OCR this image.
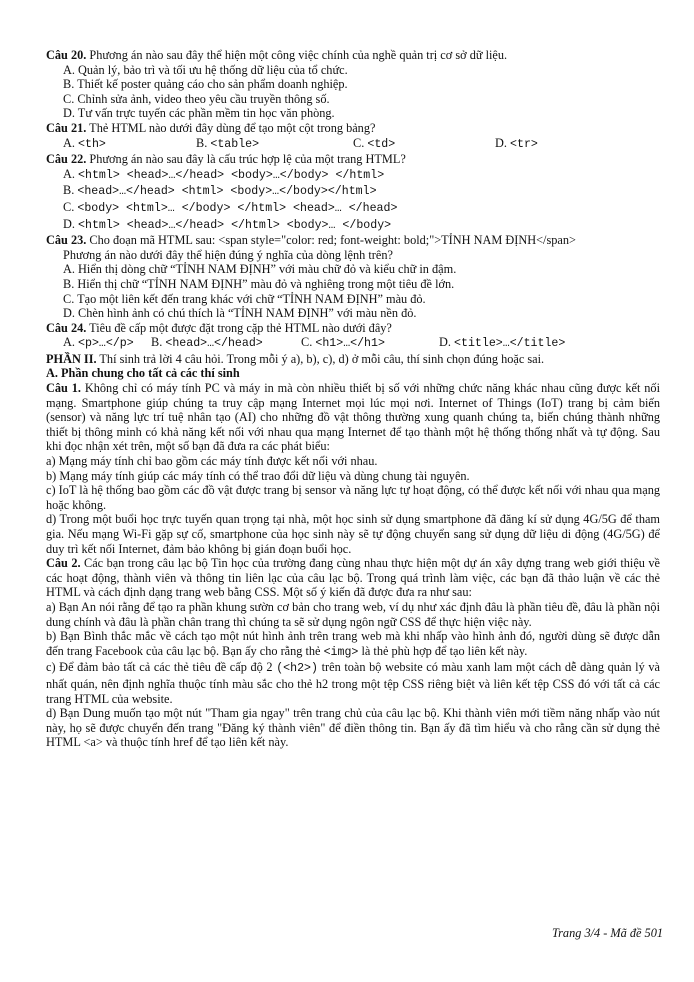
Câu 20. Phương án nào sau đây thể hiện một công việc chính của nghề quản trị cơ sở dữ liệu.
A. Quản lý, bảo trì và tối ưu hệ thống dữ liệu của tổ chức.
B. Thiết kế poster quảng cáo cho sản phẩm doanh nghiệp.
C. Chỉnh sửa ảnh, video theo yêu cầu truyền thông số.
D. Tư vấn trực tuyến các phần mềm tin học văn phòng.
Câu 21. Thẻ HTML nào dưới đây dùng để tạo một cột trong bảng?
A. <th>	B. <table>	C. <td>	D. <tr>
Câu 22. Phương án nào sau đây là cấu trúc hợp lệ của một trang HTML?
A. <html> <head>…</head> <body>…</body> </html>
B. <head>…</head> <html> <body>…</body></html>
C. <body> <html>… </body> </html> <head>… </head>
D. <html> <head>…</head> </html> <body>… </body>
Câu 23. Cho đoạn mã HTML sau: <span style="color: red; font-weight: bold;">TỈNH NAM ĐỊNH</span>
Phương án nào dưới đây thể hiện đúng ý nghĩa của dòng lệnh trên?
A. Hiển thị dòng chữ “TỈNH NAM ĐỊNH” với màu chữ đỏ và kiểu chữ in đậm.
B. Hiển thị chữ “TỈNH NAM ĐỊNH” màu đỏ và nghiêng trong một tiêu đề lớn.
C. Tạo một liên kết đến trang khác với chữ “TỈNH NAM ĐỊNH” màu đỏ.
D. Chèn hình ảnh có chú thích là “TỈNH NAM ĐỊNH” với màu nền đỏ.
Câu 24. Tiêu đề cấp một được đặt trong cặp thẻ HTML nào dưới đây?
A. <p>…</p>	B. <head>…</head>	C. <h1>…</h1>	D. <title>…</title>
PHẦN II. Thí sinh trả lời 4 câu hỏi. Trong mỗi ý a), b), c), d) ở mỗi câu, thí sinh chọn đúng hoặc sai.
A. Phần chung cho tất cả các thí sinh
Câu 1. Không chỉ có máy tính PC và máy in mà còn nhiều thiết bị số với những chức năng khác nhau cũng được kết nối mạng. Smartphone giúp chúng ta truy cập mạng Internet mọi lúc mọi nơi. Internet of Things (IoT) trang bị cảm biến (sensor) và năng lực trí tuệ nhân tạo (AI) cho những đồ vật thông thường xung quanh chúng ta, biến chúng thành những thiết bị thông minh có khả năng kết nối với nhau qua mạng Internet để tạo thành một hệ thống thống nhất và tự động. Sau khi đọc nhận xét trên, một số bạn đã đưa ra các phát biểu:
a) Mạng máy tính chỉ bao gồm các máy tính được kết nối với nhau.
b) Mạng máy tính giúp các máy tính có thể trao đổi dữ liệu và dùng chung tài nguyên.
c) IoT là hệ thống bao gồm các đồ vật được trang bị sensor và năng lực tự hoạt động, có thể được kết nối với nhau qua mạng hoặc không.
d) Trong một buổi học trực tuyến quan trọng tại nhà, một học sinh sử dụng smartphone đã đăng kí sử dụng 4G/5G để tham gia. Nếu mạng Wi-Fi gặp sự cố, smartphone của học sinh này sẽ tự động chuyển sang sử dụng dữ liệu di động (4G/5G) để duy trì kết nối Internet, đảm bảo không bị gián đoạn buổi học.
Câu 2. Các bạn trong câu lạc bộ Tin học của trường đang cùng nhau thực hiện một dự án xây dựng trang web giới thiệu về các hoạt động, thành viên và thông tin liên lạc của câu lạc bộ. Trong quá trình làm việc, các bạn đã thảo luận về các thẻ HTML và cách định dạng trang web bằng CSS. Một số ý kiến đã được đưa ra như sau:
a) Bạn An nói rằng để tạo ra phần khung sườn cơ bản cho trang web, ví dụ như xác định đâu là phần tiêu đề, đâu là phần nội dung chính và đâu là phần chân trang thì chúng ta sẽ sử dụng ngôn ngữ CSS để thực hiện việc này.
b) Bạn Bình thắc mắc về cách tạo một nút hình ảnh trên trang web mà khi nhấp vào hình ảnh đó, người dùng sẽ được dẫn đến trang Facebook của câu lạc bộ. Bạn ấy cho rằng thẻ <img> là thẻ phù hợp để tạo liên kết này.
c) Để đảm bảo tất cả các thẻ tiêu đề cấp độ 2 (<h2>) trên toàn bộ website có màu xanh lam một cách dễ dàng quản lý và nhất quán, nên định nghĩa thuộc tính màu sắc cho thẻ h2 trong một tệp CSS riêng biệt và liên kết tệp CSS đó với tất cả các trang HTML của website.
d) Bạn Dung muốn tạo một nút "Tham gia ngay" trên trang chủ của câu lạc bộ. Khi thành viên mới tiềm năng nhấp vào nút này, họ sẽ được chuyển đến trang "Đăng ký thành viên" để điền thông tin. Bạn ấy đã tìm hiểu và cho rằng cần sử dụng thẻ HTML <a> và thuộc tính href để tạo liên kết này.
Trang 3/4 - Mã đề 501
